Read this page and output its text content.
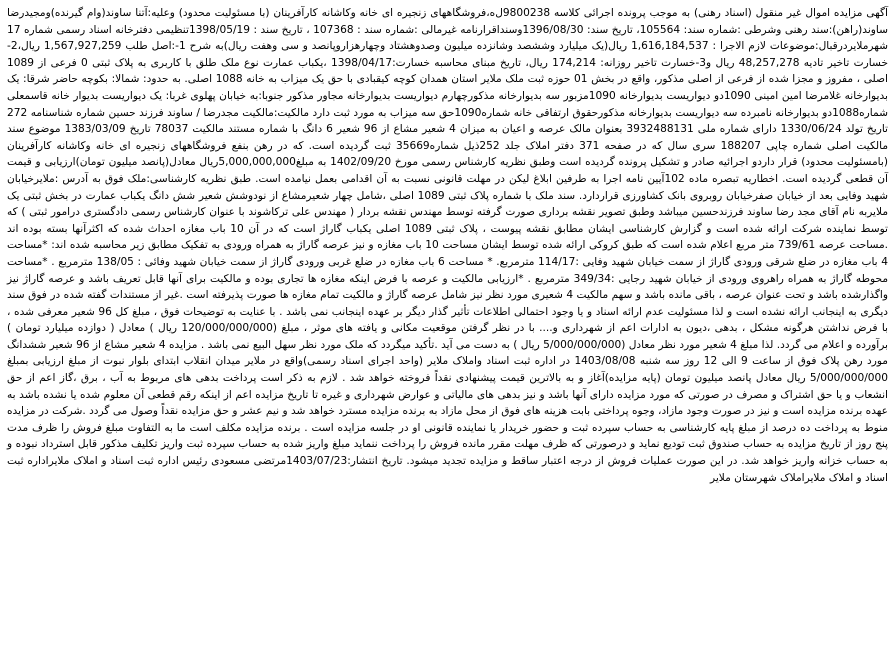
آگهی مزایده اموال غیر منقول (اسناد رهنی) به موجب پرونده اجرائی کلاسه 9800238ل‌ه،فروشگاههای زنجیره ای خانه وکاشانه کارآفرینان (با مسئولیت محدود) وعلیه:آتنا ساوند(وام گیرنده)ومجیدرضا ساوند(راهن):سند رهنی وشرطی :شماره سند: 105564، تاریخ سند: 1396/08/30وسنداقرارنامه غیرمالی :شماره سند : 107368 ، تاریخ سند : 1398/05/19تنظیمی دفترخانه اسناد رسمی شماره 17 شهرملایردرقبال:موضوعات لازم الاجرا : 1,616,184,537 ریال(یک میلیارد وششصد وشانزده میلیون وصدوهشتاد وچهارهزاروپانصد و سی وهفت ریال)به شرح 1-:اصل طلب 1,567,927,259 ریال،2-خسارت تاخیر تادیه 48,257,278 ریال و3-خسارت تاخیر روزانه: 174,214 ریال، تاریخ مبنای محاسبه خسارت:1398/04/17 ،یکباب عمارت نوع ملک طلق با کاربری به پلاک ثبتی 0 فرعی از 1089 اصلی ، مفروز و مجزا شده از فرعی از اصلی مذکور، واقع در بخش 01 حوزه ثبت ملک ملایر استان همدان کوچه کیقبادی با حق یک میزاب به خانه 1088 اصلی. به حدود: شمالا: بکوچه حاضر شرقا: یک بدیوارخانه غلامرضا امین امینی 1090دو دیواریست بدیوارخانه 1090مزبور سه بدیوارخانه مذکورچهارم دیواریست بدیوارخانه مجاور مذکور جنوبا:به خیابان پهلوی غربا: یک دیواریست بدیوار خانه قاسمعلی شماره1088دو بدیوارخانه نامبرده سه دیواریست بدیوارخانه مذکورحقوق ارتفاقی خانه شماره1090حق سه میزاب به مورد ثبت دارد مالکیت:مالکیت مجدرضا / ساوند فرزند حسین شماره شناسنامه 272 تاریخ تولد 1330/06/24 دارای شماره ملی 3932488131 بعنوان مالک عرصه و اعیان به میزان 4 شعیر مشاع از 96 شعیر 6 دانگ با شماره مستند مالکیت 78037 تاریخ 1383/03/09 موضوع سند مالکیت اصلی شماره چاپی 188207 سری سال که در صفحه 371 دفتر املاک جلد 252ذیل شماره35669 ثبت گردیده است. که در رهن بنفع فروشگاههای زنجیره ای خانه وکاشانه کارآفرینان (بامسئولیت محدود) قرار داردو اجرائیه صادر و تشکیل پرونده گردیده است وطبق نظریه کارشناس رسمی مورخ 1402/09/20 به مبلغ5,000,000,000ریال معادل(پانصد میلیون تومان)ارزیابی و قیمت آن قطعی گردیده است. اخطاریه تبصره ماده 102آیین نامه اجرا به طرفین ابلاغ لیکن در مهلت قانونی نسبت به آن اقدامی بعمل نیامده است. طبق نظریه کارشناسی:ملک فوق به آدرس :ملایرخیابان شهید وفایی بعد از خیابان صفرخیابان روبروی بانک کشاورزی قراردارد. سند ملک با شماره پلاک ثبتی 1089 اصلی ،شامل چهار شعیرمشاع از نودوشش شعیر شش دانگ یکباب عمارت در بخش ثبتی یک ملایربه نام آقای مجد رضا ساوند فرزندحسین میباشد وطبق تصویر نقشه برداری صورت گرفته توسط مهندس نقشه بردار ( مهندس علی ترکاشوند با عنوان کارشناس رسمی دادگستری درامور ثبتی ) که توسط نماینده شرکت ارائه شده است و گزارش کارشناسی ایشان مطابق نقشه پیوست ، پلاک ثبتی 1089 اصلی یکباب گاراژ است که در آن 10 باب مغازه احداث شده که اکثرآنها بسته بوده اند .مساحت عرصه 739/61 متر مربع اعلام شده است که طبق کروکی ارائه شده توسط ایشان مساحت 10 باب مغازه و نیز عرصه گاراژ به همراه ورودی به تفکیک مطابق زیر محاسبه شده اند: *مساحت 4 باب مغازه در ضلع شرقی ورودی گاراژ از سمت خیابان شهید وفایی :114/17 مترمربع. * مساحت 6 باب مغازه در ضلع غربی ورودی گاراژ از سمت خیابان شهید وفائی : 138/05 مترمربع . *مساحت محوطه گاراژ به همراه راهروی ورودی از خیابان شهید رجایی :349/34 مترمربع . *ارزیابی مالکیت و عرصه با فرض اینکه مغازه ها تجاری بوده و مالکیت برای آنها قابل تعریف باشد و عرصه گاراژ نیز واگذارشده باشد و تحت عنوان عرصه ، باقی مانده باشد و سهم مالکیت 4 شعیری مورد نظر نیز شامل عرصه گاراژ و مالکیت تمام مغازه ها صورت پذیرفته است .غیر از مستندات گفته شده در فوق سند دیگری به اینجانب ارائه نشده است و لذا مسئولیت عدم ارائه اسناد و یا وجود احتمالی اطلاعات تأثیر گذار دیگر بر عهده اینجانب نمی باشد . با عنایت به توضیحات فوق ، مبلغ کل 96 شعیر معرفی شده ، با فرض نداشتن هرگونه مشکل ، بدهی ،دیون به ادارات اعم از شهرداری و.... با در نظر گرفتن موقعیت مکانی و یافته های موثر ، مبلغ (120/000/000/000 ریال ) معادل ( دوازده میلیارد تومان ) برآورده و اعلام می گردد. لذا مبلغ 4 شعیر مورد نظر معادل (5/000/000/000 ریال ) به دست می آید .تأکید میگردد که ملک مورد نظر سهل البیع نمی باشد . مزایده 4 شعیر مشاع از 96 شعیر ششدانگ مورد رهن پلاک فوق از ساعت 9 الی 12 روز سه شنبه 1403/08/08 در اداره ثبت اسناد واملاک ملایر (واحد اجرای اسناد رسمی)واقع در ملایر میدان انقلاب ابتدای بلوار نبوت از مبلغ ارزیابی بمبلغ 5/000/000/000 ریال معادل پانصد میلیون تومان (پایه مزایده)آغاز و به بالاترین قیمت پیشنهادی نقداً فروخته خواهد شد . لازم به ذکر است پرداخت بدهی های مربوط به آب ، برق ،گاز اعم از حق انشعاب و یا حق اشتراک و مصرف در صورتی که مورد مزایده دارای آنها باشد و نیز بدهی های مالیاتی و عوارض شهرداری و غیره تا تاریخ مزایده اعم از اینکه رقم قطعی آن معلوم شده یا نشده باشد به عهده برنده مزایده است و نیز در صورت وجود مازاد، وجوه پرداختی بابت هزینه های فوق از محل مازاد به برنده مزایده مسترد خواهد شد و نیم عشر و حق مزایده نقداً وصول می گردد .شرکت در مزایده منوط به پرداخت ده درصد از مبلغ پایه کارشناسی به حساب سپرده ثبت و حضور خریدار یا نماینده قانونی او در جلسه مزایده است . برنده مزایده مکلف است ما به التفاوت مبلغ فروش را ظرف مدت پنج روز از تاریخ مزایده به حساب صندوق ثبت تودیع نماید و درصورتی که ظرف مهلت مقرر مانده فروش را پرداخت ننماید مبلغ واریز شده به حساب سپرده ثبت واریز تکلیف مذکور قابل استرداد نبوده و به حساب خزانه واریز خواهد شد. در این صورت عملیات فروش از درجه اعتبار ساقط و مزایده تجدید میشود. تاریخ انتشار:1403/07/23مرتضی مسعودی رئیس اداره ثبت اسناد و املاک ملایراداره ثبت اسناد و املاک ملایراملاک شهرستان ملایر
